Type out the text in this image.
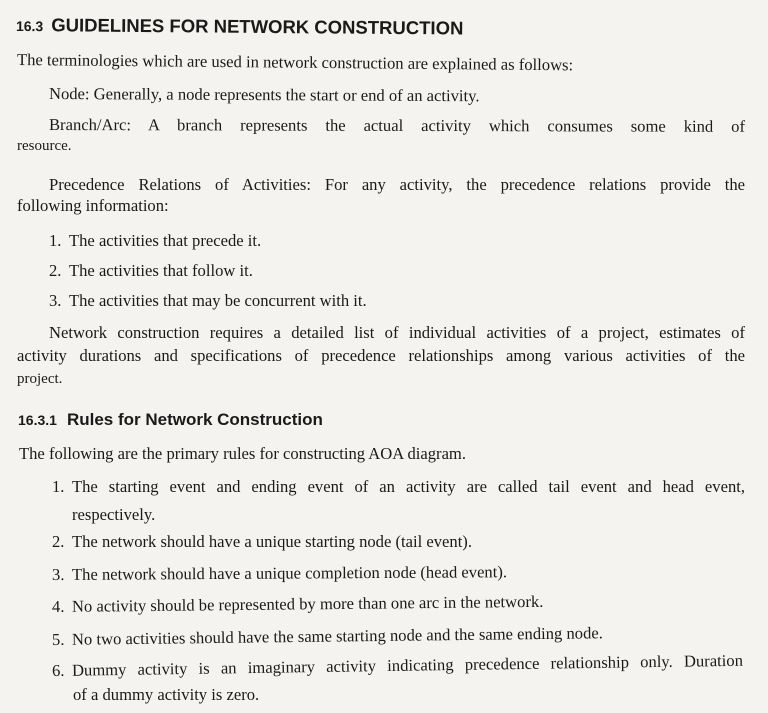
16.3 GUIDELINES FOR NETWORK CONSTRUCTION
The terminologies which are used in network construction are explained as follows:
Node: Generally, a node represents the start or end of an activity.
Branch/Arc: A branch represents the actual activity which consumes some kind of
resource.
Precedence Relations of Activities: For any activity, the precedence relations provide the
following information:
1. The activities that precede it.
2. The activities that follow it.
3. The activities that may be concurrent with it.
Network construction requires a detailed list of individual activities of a project, estimates of
activity durations and specifications of precedence relationships among various activities of the
project.
16.3.1 Rules for Network Construction
The following are the primary rules for constructing AOA diagram.
1. The starting event and ending event of an activity are called tail event and head event,
respectively.
2. The network should have a unique starting node (tail event).
3. The network should have a unique completion node (head event).
4. No activity should be represented by more than one arc in the network.
5. No two activities should have the same starting node and the same ending node.
6. Dummy activity is an imaginary activity indicating precedence relationship only. Duration
of a dummy activity is zero.
